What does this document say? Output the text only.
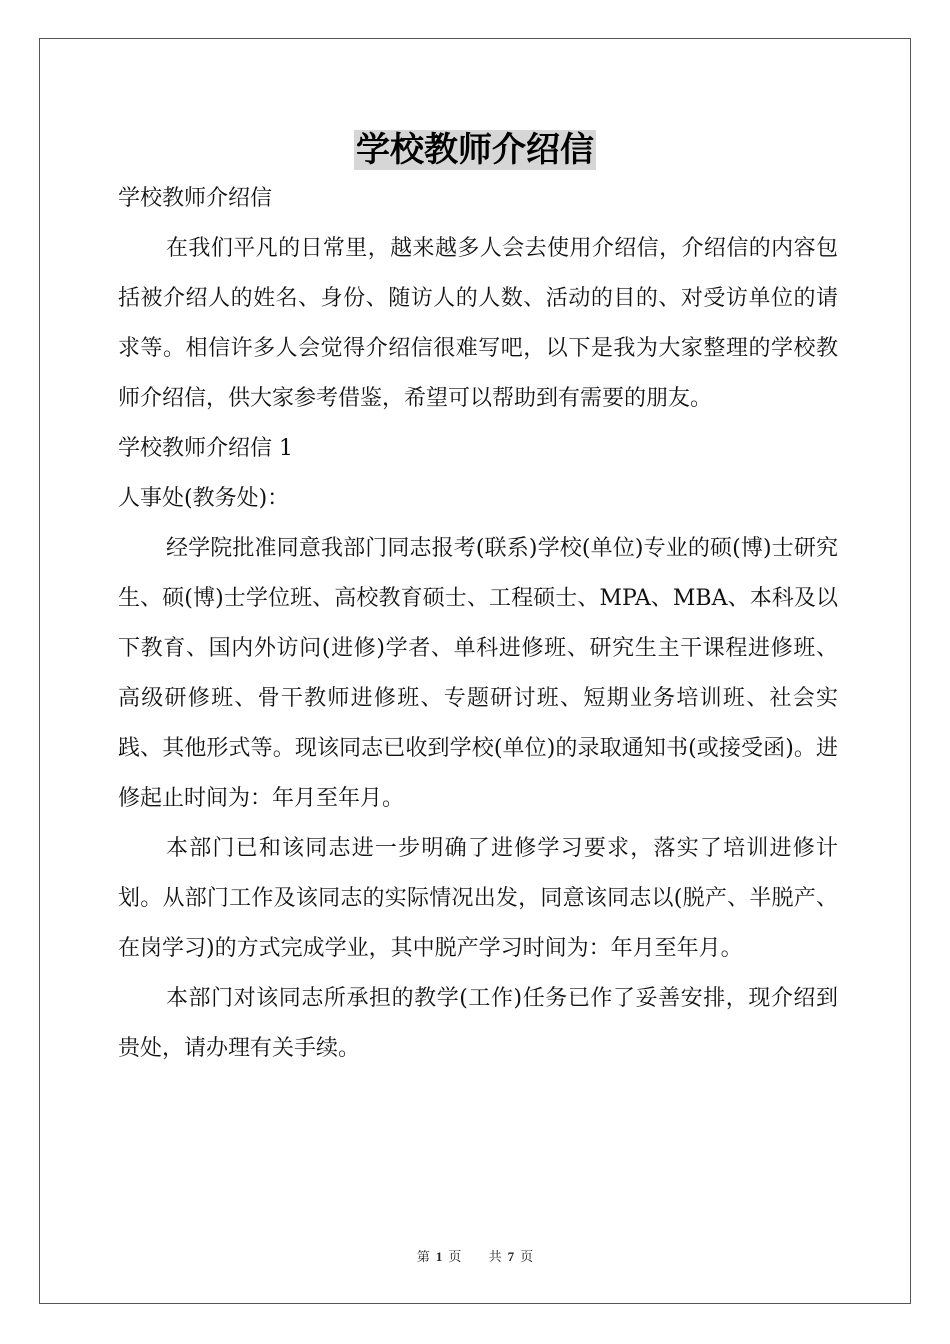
学校教师介绍信

学校教师介绍信

在我们平凡的日常里，越来越多人会去使用介绍信，介绍信的内容包括被介绍人的姓名、身份、随访人的人数、活动的目的、对受访单位的请求等。相信许多人会觉得介绍信很难写吧，以下是我为大家整理的学校教师介绍信，供大家参考借鉴，希望可以帮助到有需要的朋友。

学校教师介绍信 1

人事处(教务处)：

经学院批准同意我部门同志报考(联系)学校(单位)专业的硕(博)士研究生、硕(博)士学位班、高校教育硕士、工程硕士、MPA、MBA、本科及以下教育、国内外访问(进修)学者、单科进修班、研究生主干课程进修班、高级研修班、骨干教师进修班、专题研讨班、短期业务培训班、社会实践、其他形式等。现该同志已收到学校(单位)的录取通知书(或接受函)。进修起止时间为：年月至年月。

本部门已和该同志进一步明确了进修学习要求，落实了培训进修计划。从部门工作及该同志的实际情况出发，同意该同志以(脱产、半脱产、在岗学习)的方式完成学业，其中脱产学习时间为：年月至年月。

本部门对该同志所承担的教学(工作)任务已作了妥善安排，现介绍到贵处，请办理有关手续。

第 1 页 共 7 页
